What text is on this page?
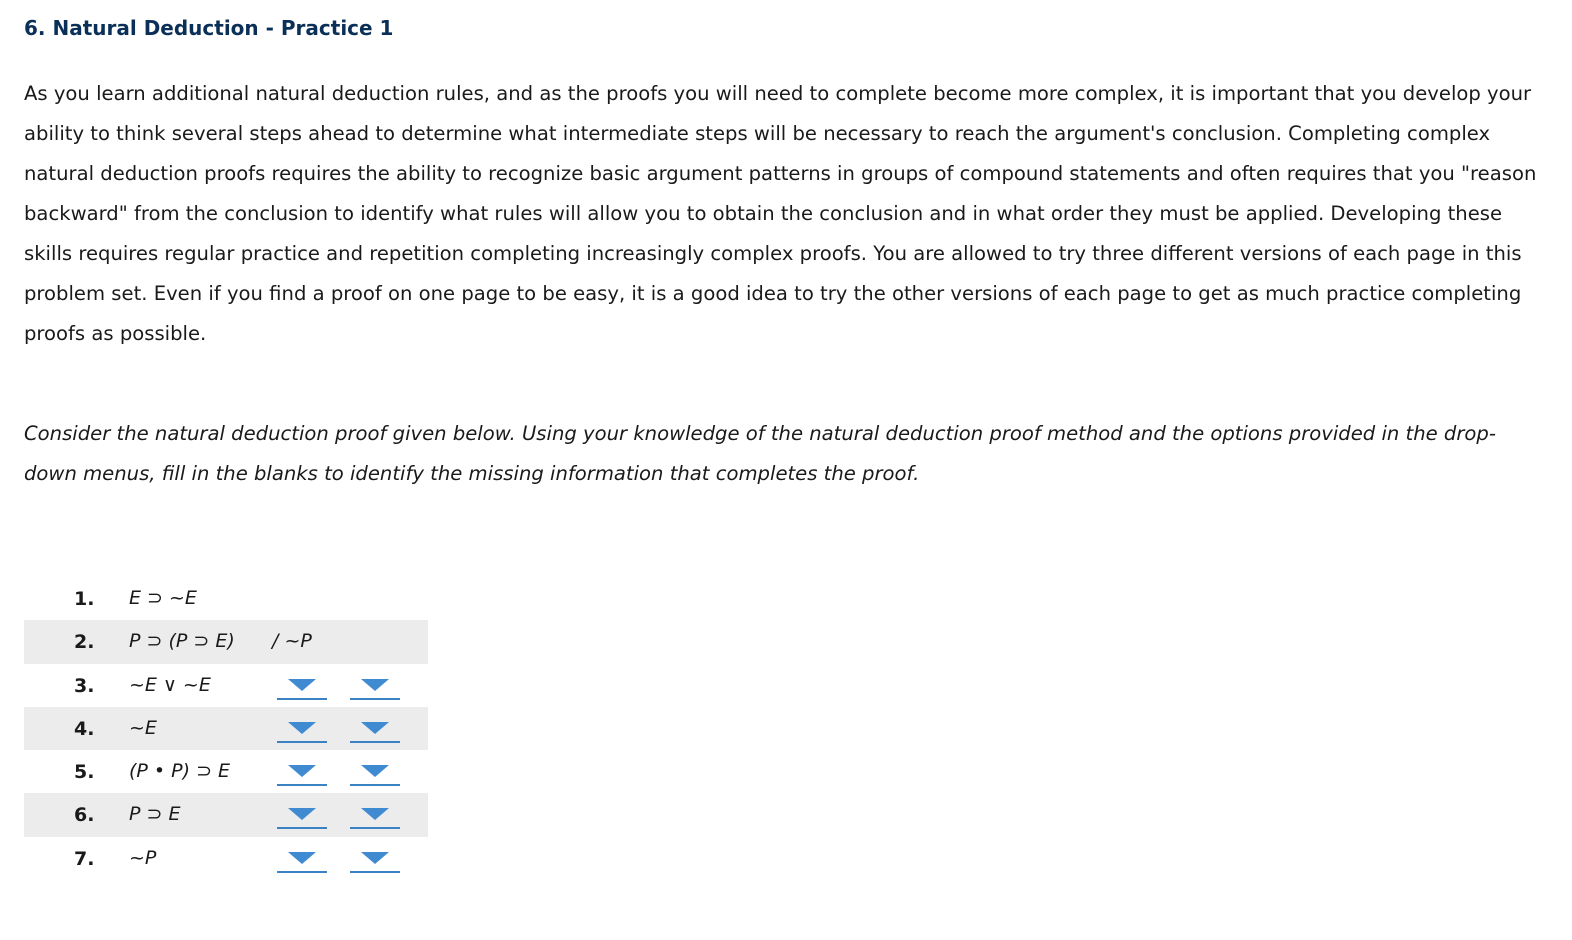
6. Natural Deduction - Practice 1
As you learn additional natural deduction rules, and as the proofs you will need to complete become more complex, it is important that you develop your
ability to think several steps ahead to determine what intermediate steps will be necessary to reach the argument's conclusion. Completing complex
natural deduction proofs requires the ability to recognize basic argument patterns in groups of compound statements and often requires that you "reason
backward" from the conclusion to identify what rules will allow you to obtain the conclusion and in what order they must be applied. Developing these
skills requires regular practice and repetition completing increasingly complex proofs. You are allowed to try three different versions of each page in this
problem set. Even if you find a proof on one page to be easy, it is a good idea to try the other versions of each page to get as much practice completing
proofs as possible.
Consider the natural deduction proof given below. Using your knowledge of the natural deduction proof method and the options provided in the drop-
down menus, fill in the blanks to identify the missing information that completes the proof.
1. E ⊃ ~E
2. P ⊃ (P ⊃ E) / ~P
3. ~E ∨ ~E
4. ~E
5. (P • P) ⊃ E
6. P ⊃ E
7. ~P
